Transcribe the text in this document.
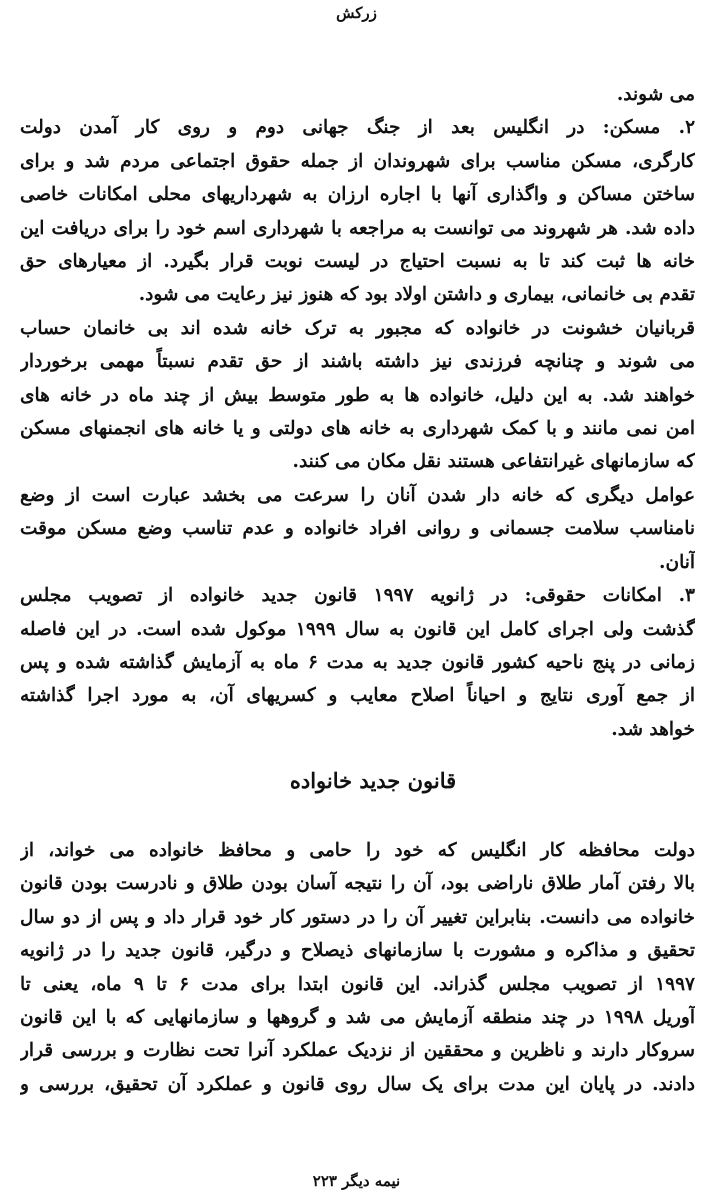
زرکش
می شوند.
۲. مسکن: در انگلیس بعد از جنگ جهانی دوم و روی کار آمدن دولت
کارگری، مسکن مناسب برای شهروندان از جمله حقوق اجتماعی مردم شد و برای
ساختن مساکن و واگذاری آنها با اجاره ارزان به شهرداریهای محلی امکانات خاصی
داده شد. هر شهروند می توانست به مراجعه با شهرداری اسم خود را برای دریافت این
خانه ها ثبت کند تا به نسبت احتیاج در لیست نوبت قرار بگیرد. از معیارهای حق
تقدم بی خانمانی، بیماری و داشتن اولاد بود که هنوز نیز رعایت می شود.
قربانیان خشونت در خانواده که مجبور به ترک خانه شده اند بی خانمان حساب
می شوند و چنانچه فرزندی نیز داشته باشند از حق تقدم نسبتاً مهمی برخوردار
خواهند شد. به این دلیل، خانواده ها به طور متوسط بیش از چند ماه در خانه های
امن نمی مانند و با کمک شهرداری به خانه های دولتی و یا خانه های انجمنهای مسکن
که سازمانهای غیرانتفاعی هستند نقل مکان می کنند.
عوامل دیگری که خانه دار شدن آنان را سرعت می بخشد عبارت است از وضع
نامناسب سلامت جسمانی و روانی افراد خانواده و عدم تناسب وضع مسکن موقت
آنان.
۳. امکانات حقوقی: در ژانویه ۱۹۹۷ قانون جدید خانواده از تصویب مجلس
گذشت ولی اجرای کامل این قانون به سال ۱۹۹۹ موکول شده است. در این فاصله
زمانی در پنج ناحیه کشور قانون جدید به مدت ۶ ماه به آزمایش گذاشته شده و پس
از جمع آوری نتایج و احیاناً اصلاح معایب و کسریهای آن، به مورد اجرا گذاشته
خواهد شد.
قانون جدید خانواده
دولت محافظه کار انگلیس که خود را حامی و محافظ خانواده می خواند، از
بالا رفتن آمار طلاق ناراضی بود، آن را نتیجه آسان بودن طلاق و نادرست بودن قانون
خانواده می دانست. بنابراین تغییر آن را در دستور کار خود قرار داد و پس از دو سال
تحقیق و مذاکره و مشورت با سازمانهای ذیصلاح و درگیر، قانون جدید را در ژانویه
۱۹۹۷ از تصویب مجلس گذراند. این قانون ابتدا برای مدت ۶ تا ۹ ماه، یعنی تا
آوریل ۱۹۹۸ در چند منطقه آزمایش می شد و گروهها و سازمانهایی که با این قانون
سروکار دارند و ناظرین و محققین از نزدیک عملکرد آنرا تحت نظارت و بررسی قرار
دادند. در پایان این مدت برای یک سال روی قانون و عملکرد آن تحقیق، بررسی و
نیمه دیگر ۲۲۳
